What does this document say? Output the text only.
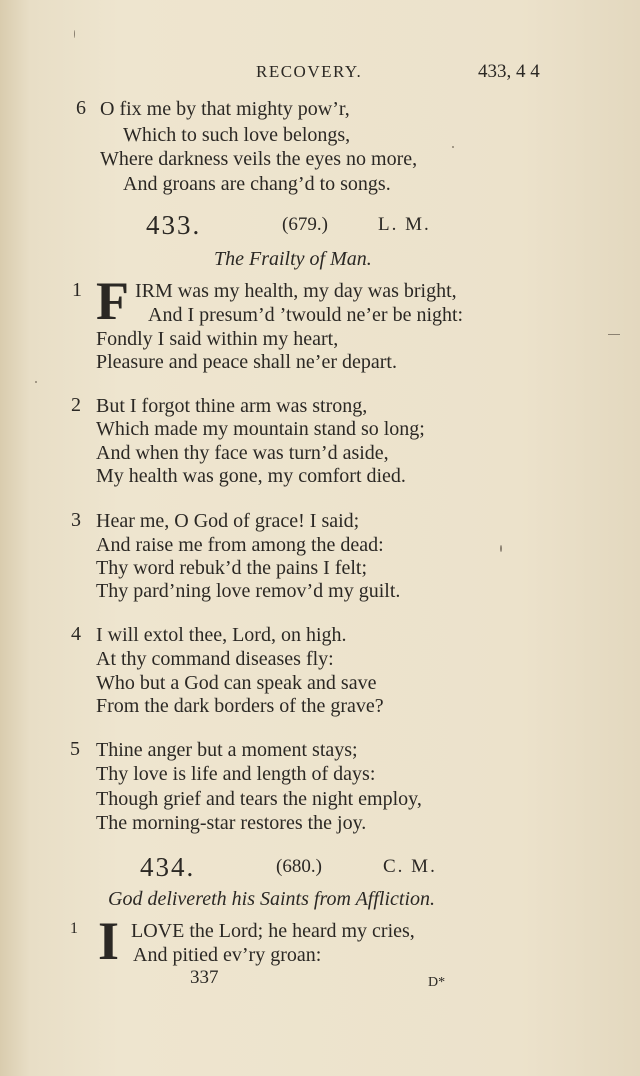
RECOVERY.	433, 4 4
6 O fix me by that mighty pow’r,
Which to such love belongs,
Where darkness veils the eyes no more,
And groans are chang’d to songs.
433.	(679.)	L. M.
The Frailty of Man.
1 F IRM was my health, my day was bright,
And I presum’d ’twould ne’er be night:
Fondly I said within my heart,
Pleasure and peace shall ne’er depart.
2 But I forgot thine arm was strong,
Which made my mountain stand so long;
And when thy face was turn’d aside,
My health was gone, my comfort died.
3 Hear me, O God of grace! I said;
And raise me from among the dead:
Thy word rebuk’d the pains I felt;
Thy pard’ning love remov’d my guilt.
4 I will extol thee, Lord, on high.
At thy command diseases fly:
Who but a God can speak and save
From the dark borders of the grave?
5 Thine anger but a moment stays;
Thy love is life and length of days:
Though grief and tears the night employ,
The morning-star restores the joy.
434.	(680.)	C. M.
God delivereth his Saints from Affliction.
1 I LOVE the Lord; he heard my cries,
And pitied ev’ry groan:
337	D*
